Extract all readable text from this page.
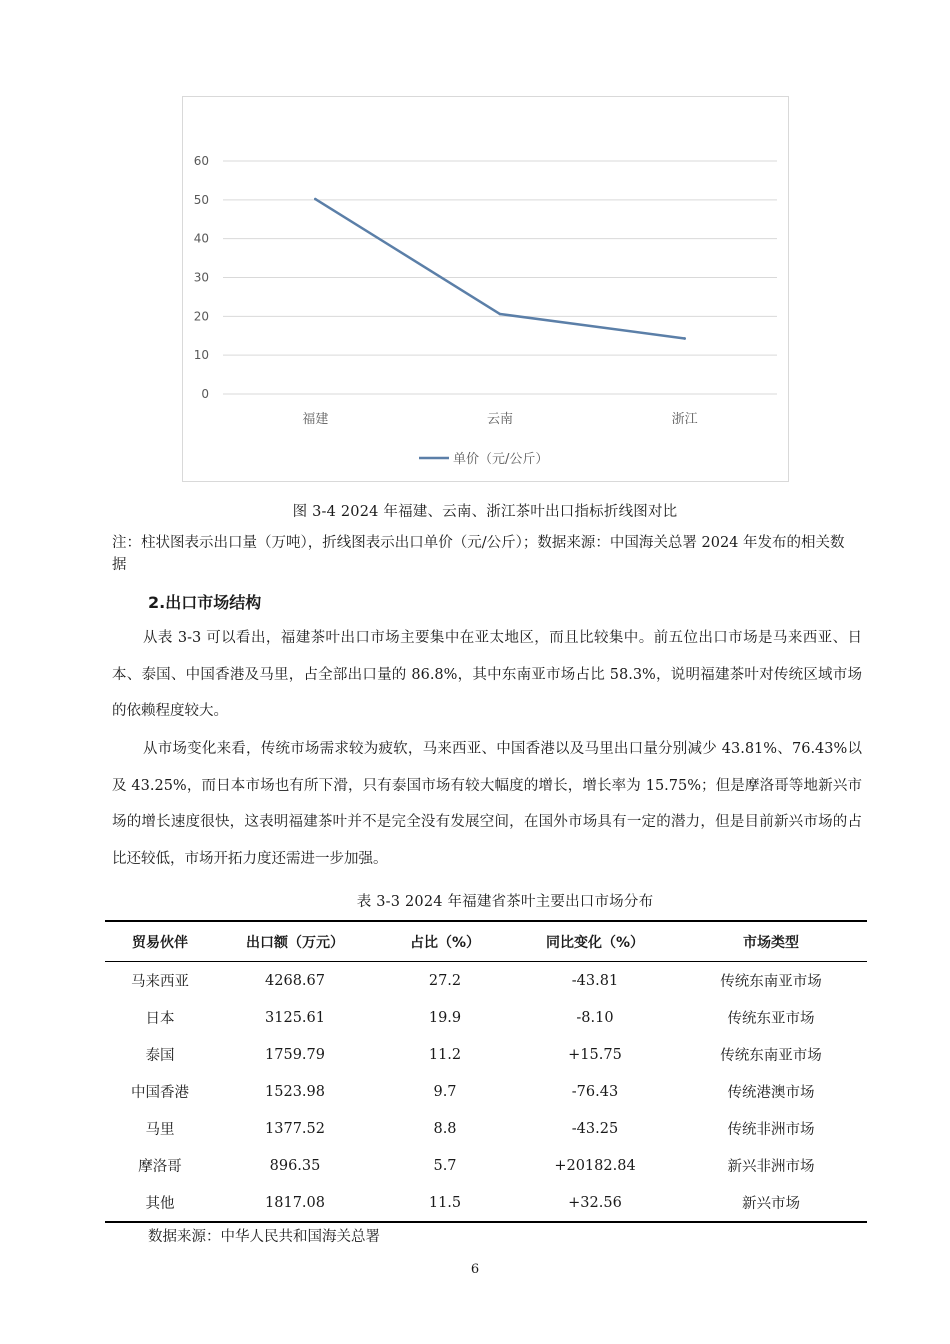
0
10
20
30
40
50
60
福建	云南	浙江
单价（元/公斤）
图 3-4 2024 年福建、云南、浙江茶叶出口指标折线图对比
注：柱状图表示出口量（万吨），折线图表示出口单价（元/公斤）；数据来源：中国海关总署 2024 年发布的相关数据
2.出口市场结构
从表 3-3 可以看出，福建茶叶出口市场主要集中在亚太地区，而且比较集中。前五位出口市场是马来西亚、日本、泰国、中国香港及马里，占全部出口量的 86.8%，其中东南亚市场占比 58.3%，说明福建茶叶对传统区域市场的依赖程度较大。
从市场变化来看，传统市场需求较为疲软，马来西亚、中国香港以及马里出口量分别减少 43.81%、76.43%以及 43.25%，而日本市场也有所下滑，只有泰国市场有较大幅度的增长，增长率为 15.75%；但是摩洛哥等地新兴市场的增长速度很快，这表明福建茶叶并不是完全没有发展空间，在国外市场具有一定的潜力，但是目前新兴市场的占比还较低，市场开拓力度还需进一步加强。
表 3-3 2024 年福建省茶叶主要出口市场分布
贸易伙伴	出口额（万元）	占比（%）	同比变化（%）	市场类型
马来西亚	4268.67	27.2	-43.81	传统东南亚市场
日本	3125.61	19.9	-8.10	传统东亚市场
泰国	1759.79	11.2	+15.75	传统东南亚市场
中国香港	1523.98	9.7	-76.43	传统港澳市场
马里	1377.52	8.8	-43.25	传统非洲市场
摩洛哥	896.35	5.7	+20182.84	新兴非洲市场
其他	1817.08	11.5	+32.56	新兴市场
数据来源：中华人民共和国海关总署
6
